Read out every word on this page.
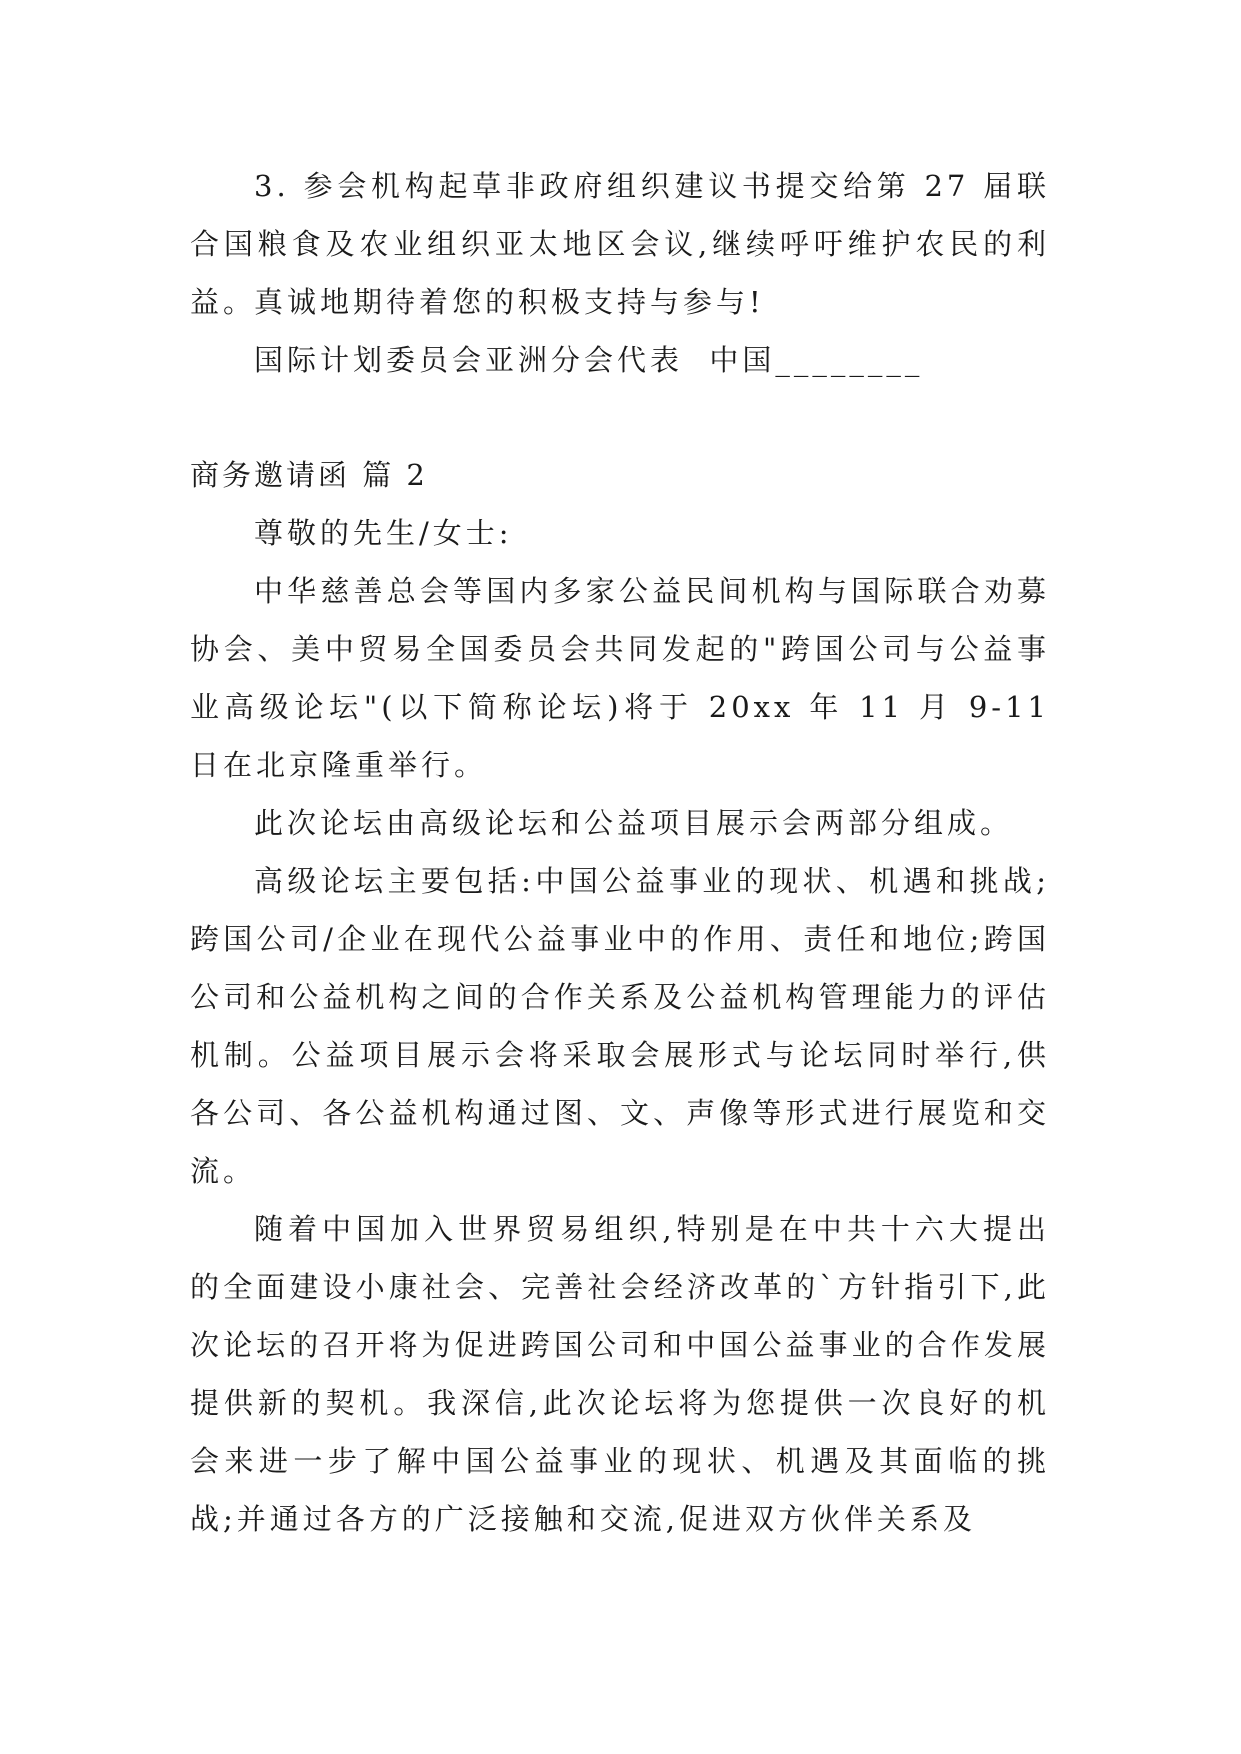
3. 参会机构起草非政府组织建议书提交给第 27 届联合国粮食及农业组织亚太地区会议,继续呼吁维护农民的利益。

真诚地期待着您的积极支持与参与!

国际计划委员会亚洲分会代表  中国________

商务邀请函 篇 2

尊敬的先生/女士:

中华慈善总会等国内多家公益民间机构与国际联合劝募协会、美中贸易全国委员会共同发起的"跨国公司与公益事业高级论坛"(以下简称论坛)将于 20xx 年 11 月 9-11 日在北京隆重举行。

此次论坛由高级论坛和公益项目展示会两部分组成。

高级论坛主要包括:中国公益事业的现状、机遇和挑战;跨国公司/企业在现代公益事业中的作用、责任和地位;跨国公司和公益机构之间的合作关系及公益机构管理能力的评估机制。公益项目展示会将采取会展形式与论坛同时举行,供各公司、各公益机构通过图、文、声像等形式进行展览和交流。

随着中国加入世界贸易组织,特别是在中共十六大提出的全面建设小康社会、完善社会经济改革的`方针指引下,此次论坛的召开将为促进跨国公司和中国公益事业的合作发展提供新的契机。我深信,此次论坛将为您提供一次良好的机会来进一步了解中国公益事业的现状、机遇及其面临的挑战;并通过各方的广泛接触和交流,促进双方伙伴关系及
